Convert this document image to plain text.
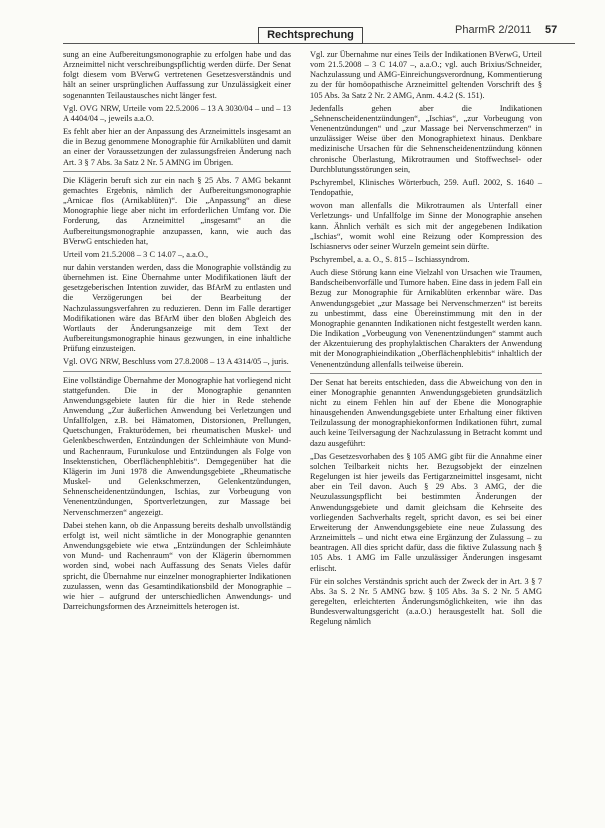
Rechtsprechung	PharmR 2/2011 57

sung an eine Aufbereitungsmonographie zu erfolgen habe und das Arzneimittel nicht verschreibungspflichtig werden dürfe. Der Senat folgt diesem vom BVerwG vertretenen Gesetzesverständnis und hält an seiner ursprünglichen Auffassung zur Unzulässigkeit einer sogenannten Teilaustausches nicht länger fest.

Vgl. OVG NRW, Urteile vom 22.5.2006 – 13 A 3030/04 – und – 13 A 4404/04 –, jeweils a.a.O.

Es fehlt aber hier an der Anpassung des Arzneimittels insgesamt an die in Bezug genommene Monographie für Arnikablüten und damit an einer der Voraussetzungen der zulassungsfreien Änderung nach Art. 3 § 7 Abs. 3a Satz 2 Nr. 5 AMNG im Übrigen.

Die Klägerin beruft sich zur ein nach § 25 Abs. 7 AMG bekannt gemachtes Ergebnis, nämlich der Aufbereitungsmonographie „Arnicae flos (Arnikablüten)“. Die „Anpassung“ an diese Monographie liege aber nicht im erforderlichen Umfang vor. Die Forderung, das Arzneimittel „insgesamt“ an die Aufbereitungsmonographie anzupassen, kann, wie auch das BVerwG entschieden hat,

Urteil vom 21.5.2008 – 3 C 14.07 –, a.a.O.,

nur dahin verstanden werden, dass die Monographie vollständig zu übernehmen ist. Eine Übernahme unter Modifikationen läuft der gesetzgeberischen Intention zuwider, das BfArM zu entlasten und die Verzögerungen bei der Bearbeitung der Nachzulassungsverfahren zu reduzieren. Denn im Falle derartiger Modifikationen wäre das BfArM über den bloßen Abgleich des Wortlauts der Änderungsanzeige mit dem Text der Aufbereitungsmonographie hinaus gezwungen, in eine inhaltliche Prüfung einzusteigen.

Vgl. OVG NRW, Beschluss vom 27.8.2008 – 13 A 4314/05 –, juris.

Eine vollständige Übernahme der Monographie hat vorliegend nicht stattgefunden. Die in der Monographie genannten Anwendungsgebiete lauten für die hier in Rede stehende Anwendung „Zur äußerlichen Anwendung bei Verletzungen und Unfallfolgen, z.B. bei Hämatomen, Distorsionen, Prellungen, Quetschungen, Frakturödemen, bei rheumatischen Muskel- und Gelenkbeschwerden, Entzündungen der Schleimhäute von Mund- und Rachenraum, Furunkulose und Entzündungen als Folge von Insektenstichen, Oberflächenphlebitis“. Demgegenüber hat die Klägerin im Juni 1978 die Anwendungsgebiete „Rheumatische Muskel- und Gelenkschmerzen, Gelenkentzündungen, Sehnenscheidenentzündungen, Ischias, zur Vorbeugung von Venenentzündungen, Sportverletzungen, zur Massage bei Nervenschmerzen“ angezeigt.

Dabei stehen kann, ob die Anpassung bereits deshalb unvollständig erfolgt ist, weil nicht sämtliche in der Monographie genannten Anwendungsgebiete wie etwa „Entzündungen der Schleimhäute von Mund- und Rachenraum“ von der Klägerin übernommen worden sind, wobei nach Auffassung des Senats Vieles dafür spricht, die Übernahme nur einzelner monographierter Indikationen zuzulassen, wenn das Gesamtindikationsbild der Monographie – wie hier – aufgrund der unterschiedlichen Anwendungs- und Darreichungsformen des Arzneimittels heterogen ist.

Vgl. zur Übernahme nur eines Teils der Indikationen BVerwG, Urteil vom 21.5.2008 – 3 C 14.07 –, a.a.O.; vgl. auch Brixius/Schneider, Nachzulassung und AMG-Einreichungsverordnung, Kommentierung zu der für homöopathische Arzneimittel geltenden Vorschrift des § 105 Abs. 3a Satz 2 Nr. 2 AMG, Anm. 4.4.2 (S. 151).

Jedenfalls gehen aber die Indikationen „Sehnenscheidenentzündungen“, „Ischias“, „zur Vorbeugung von Venenentzündungen“ und „zur Massage bei Nervenschmerzen“ in unzulässiger Weise über den Monographietext hinaus. Denkbare medizinische Ursachen für die Sehnenscheidenentzündung können chronische Überlastung, Mikrotraumen und Stoffwechsel- oder Durchblutungsstörungen sein,

Pschyrembel, Klinisches Wörterbuch, 259. Aufl. 2002, S. 1640 – Tendopathie,

wovon man allenfalls die Mikrotraumen als Unterfall einer Verletzungs- und Unfallfolge im Sinne der Monographie ansehen kann. Ähnlich verhält es sich mit der angegebenen Indikation „Ischias“, womit wohl eine Reizung oder Kompression des Ischiasnervs oder seiner Wurzeln gemeint sein dürfte.

Pschyrembel, a. a. O., S. 815 – Ischiassyndrom.

Auch diese Störung kann eine Vielzahl von Ursachen wie Traumen, Bandscheibenvorfälle und Tumore haben. Eine dass in jedem Fall ein Bezug zur Monographie für Arnikablüten erkennbar wäre. Das Anwendungsgebiet „zur Massage bei Nervenschmerzen“ ist bereits zu unbestimmt, dass eine Übereinstimmung mit den in der Monographie genannten Indikationen nicht festgestellt werden kann. Die Indikation „Vorbeugung von Venenentzündungen“ stammt auch der Akzentuierung des prophylaktischen Charakters der Anwendung mit der Monographieindikation „Oberflächenphlebitis“ inhaltlich der Venenentzündung allenfalls teilweise überein.

Der Senat hat bereits entschieden, dass die Abweichung von den in einer Monographie genannten Anwendungsgebieten grundsätzlich nicht zu einem Fehlen hin auf der Ebene die Monographie hinausgehenden Anwendungsgebiete unter Erhaltung einer fiktiven Teilzulassung der monographiekonformen Indikationen führt, zumal auch keine Teilversagung der Nachzulassung in Betracht kommt und dazu ausgeführt:

„Das Gesetzesvorhaben des § 105 AMG gibt für die Annahme einer solchen Teilbarkeit nichts her. Bezugsobjekt der einzelnen Regelungen ist hier jeweils das Fertigarzneimittel insgesamt, nicht aber ein Teil davon. Auch § 29 Abs. 3 AMG, der die Neuzulassungspflicht bei bestimmten Änderungen der Anwendungsgebiete und damit gleichsam die Kehrseite des vorliegenden Sachverhalts regelt, spricht davon, es sei bei einer Erweiterung der Anwendungsgebiete eine neue Zulassung des Arzneimittels – und nicht etwa eine Ergänzung der Zulassung – zu beantragen. All dies spricht dafür, dass die fiktive Zulassung nach § 105 Abs. 1 AMG im Falle unzulässiger Änderungen insgesamt erlischt.

Für ein solches Verständnis spricht auch der Zweck der in Art. 3 § 7 Abs. 3a S. 2 Nr. 5 AMNG bzw. § 105 Abs. 3a S. 2 Nr. 5 AMG geregelten, erleichterten Änderungsmöglichkeiten, wie ihn das Bundesverwaltungsgericht (a.a.O.) herausgestellt hat. Soll die Regelung nämlich
